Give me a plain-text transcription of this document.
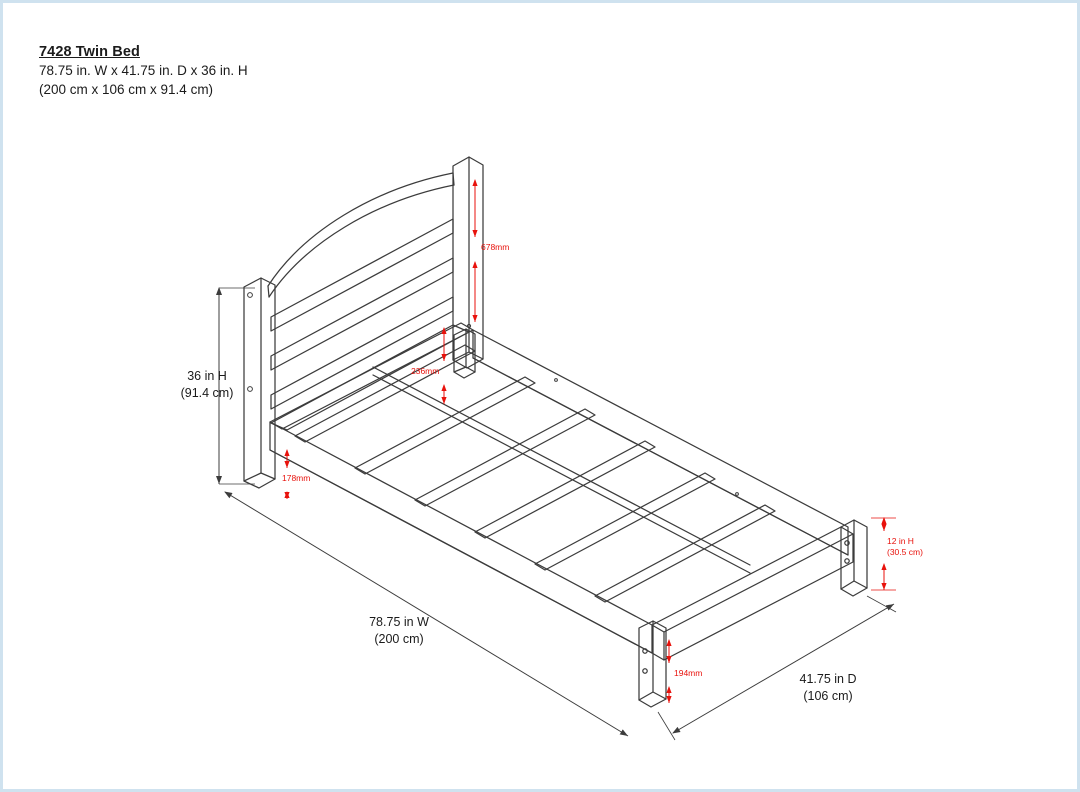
7428 Twin Bed
78.75 in. W x 41.75 in. D x 36 in. H
(200 cm x 106 cm x 91.4 cm)
36 in H
(91.4 cm)
78.75 in W
(200 cm)
41.75 in D
(106 cm)
678mm
236mm
178mm
194mm
12 in H
(30.5 cm)
